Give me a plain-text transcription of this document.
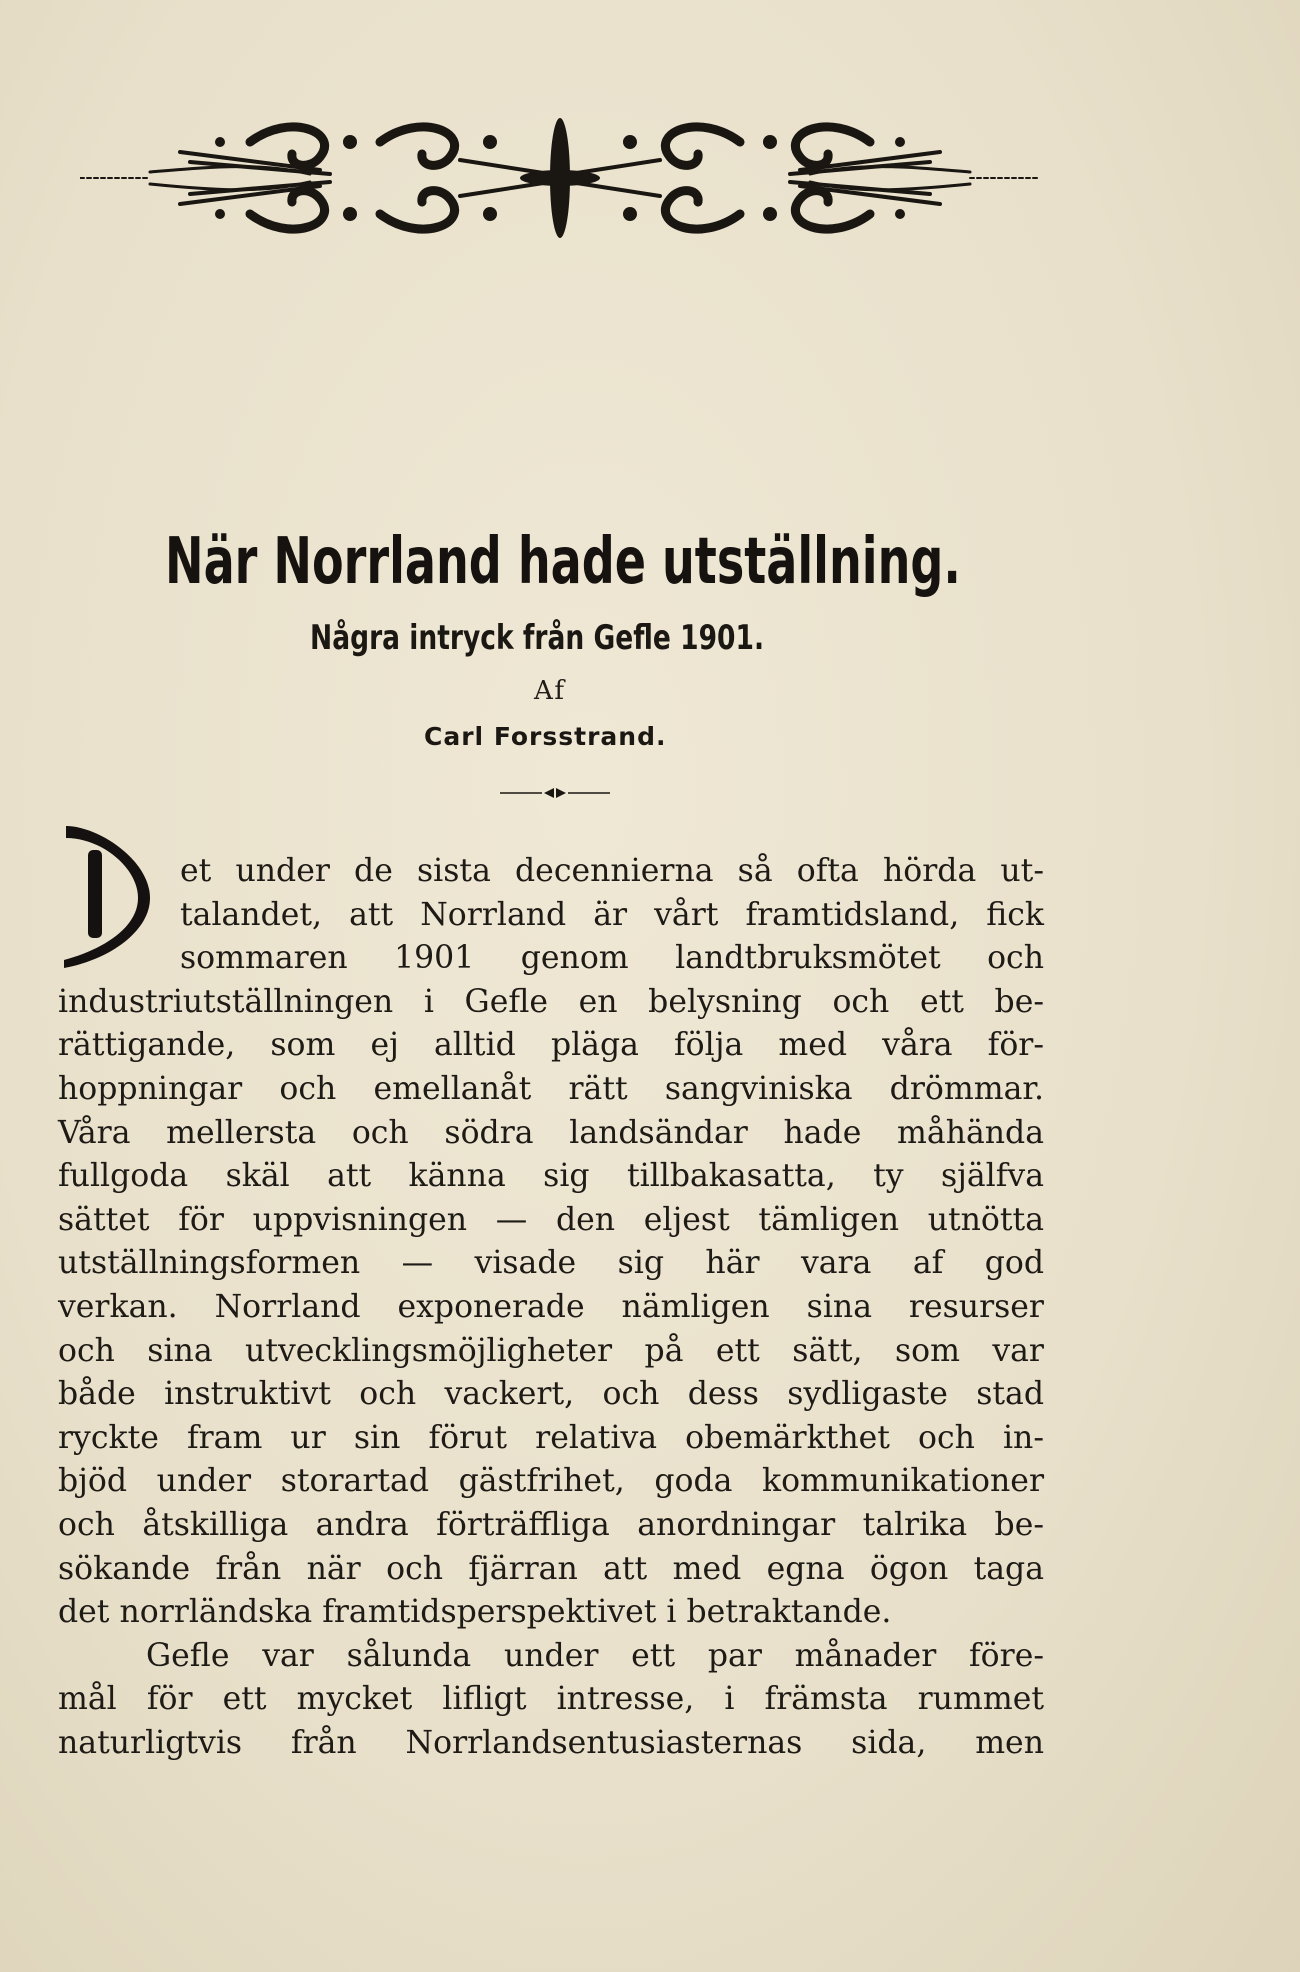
När Norrland hade utställning.
Några intryck från Gefle 1901.
Af
Carl Forsstrand.
et under de sista decennierna så ofta hörda ut-
talandet, att Norrland är vårt framtidsland, fick
sommaren 1901 genom landtbruksmötet och
industriutställningen i Gefle en belysning och ett be-
rättigande, som ej alltid pläga följa med våra för-
hoppningar och emellanåt rätt sangviniska drömmar.
Våra mellersta och södra landsändar hade måhända
fullgoda skäl att känna sig tillbakasatta, ty själfva
sättet för uppvisningen — den eljest tämligen utnötta
utställningsformen — visade sig här vara af god
verkan. Norrland exponerade nämligen sina resurser
och sina utvecklingsmöjligheter på ett sätt, som var
både instruktivt och vackert, och dess sydligaste stad
ryckte fram ur sin förut relativa obemärkthet och in-
bjöd under storartad gästfrihet, goda kommunikationer
och åtskilliga andra förträffliga anordningar talrika be-
sökande från när och fjärran att med egna ögon taga
det norrländska framtidsperspektivet i betraktande.
Gefle var sålunda under ett par månader före-
mål för ett mycket lifligt intresse, i främsta rummet
naturligtvis från Norrlandsentusiasternas sida, men
